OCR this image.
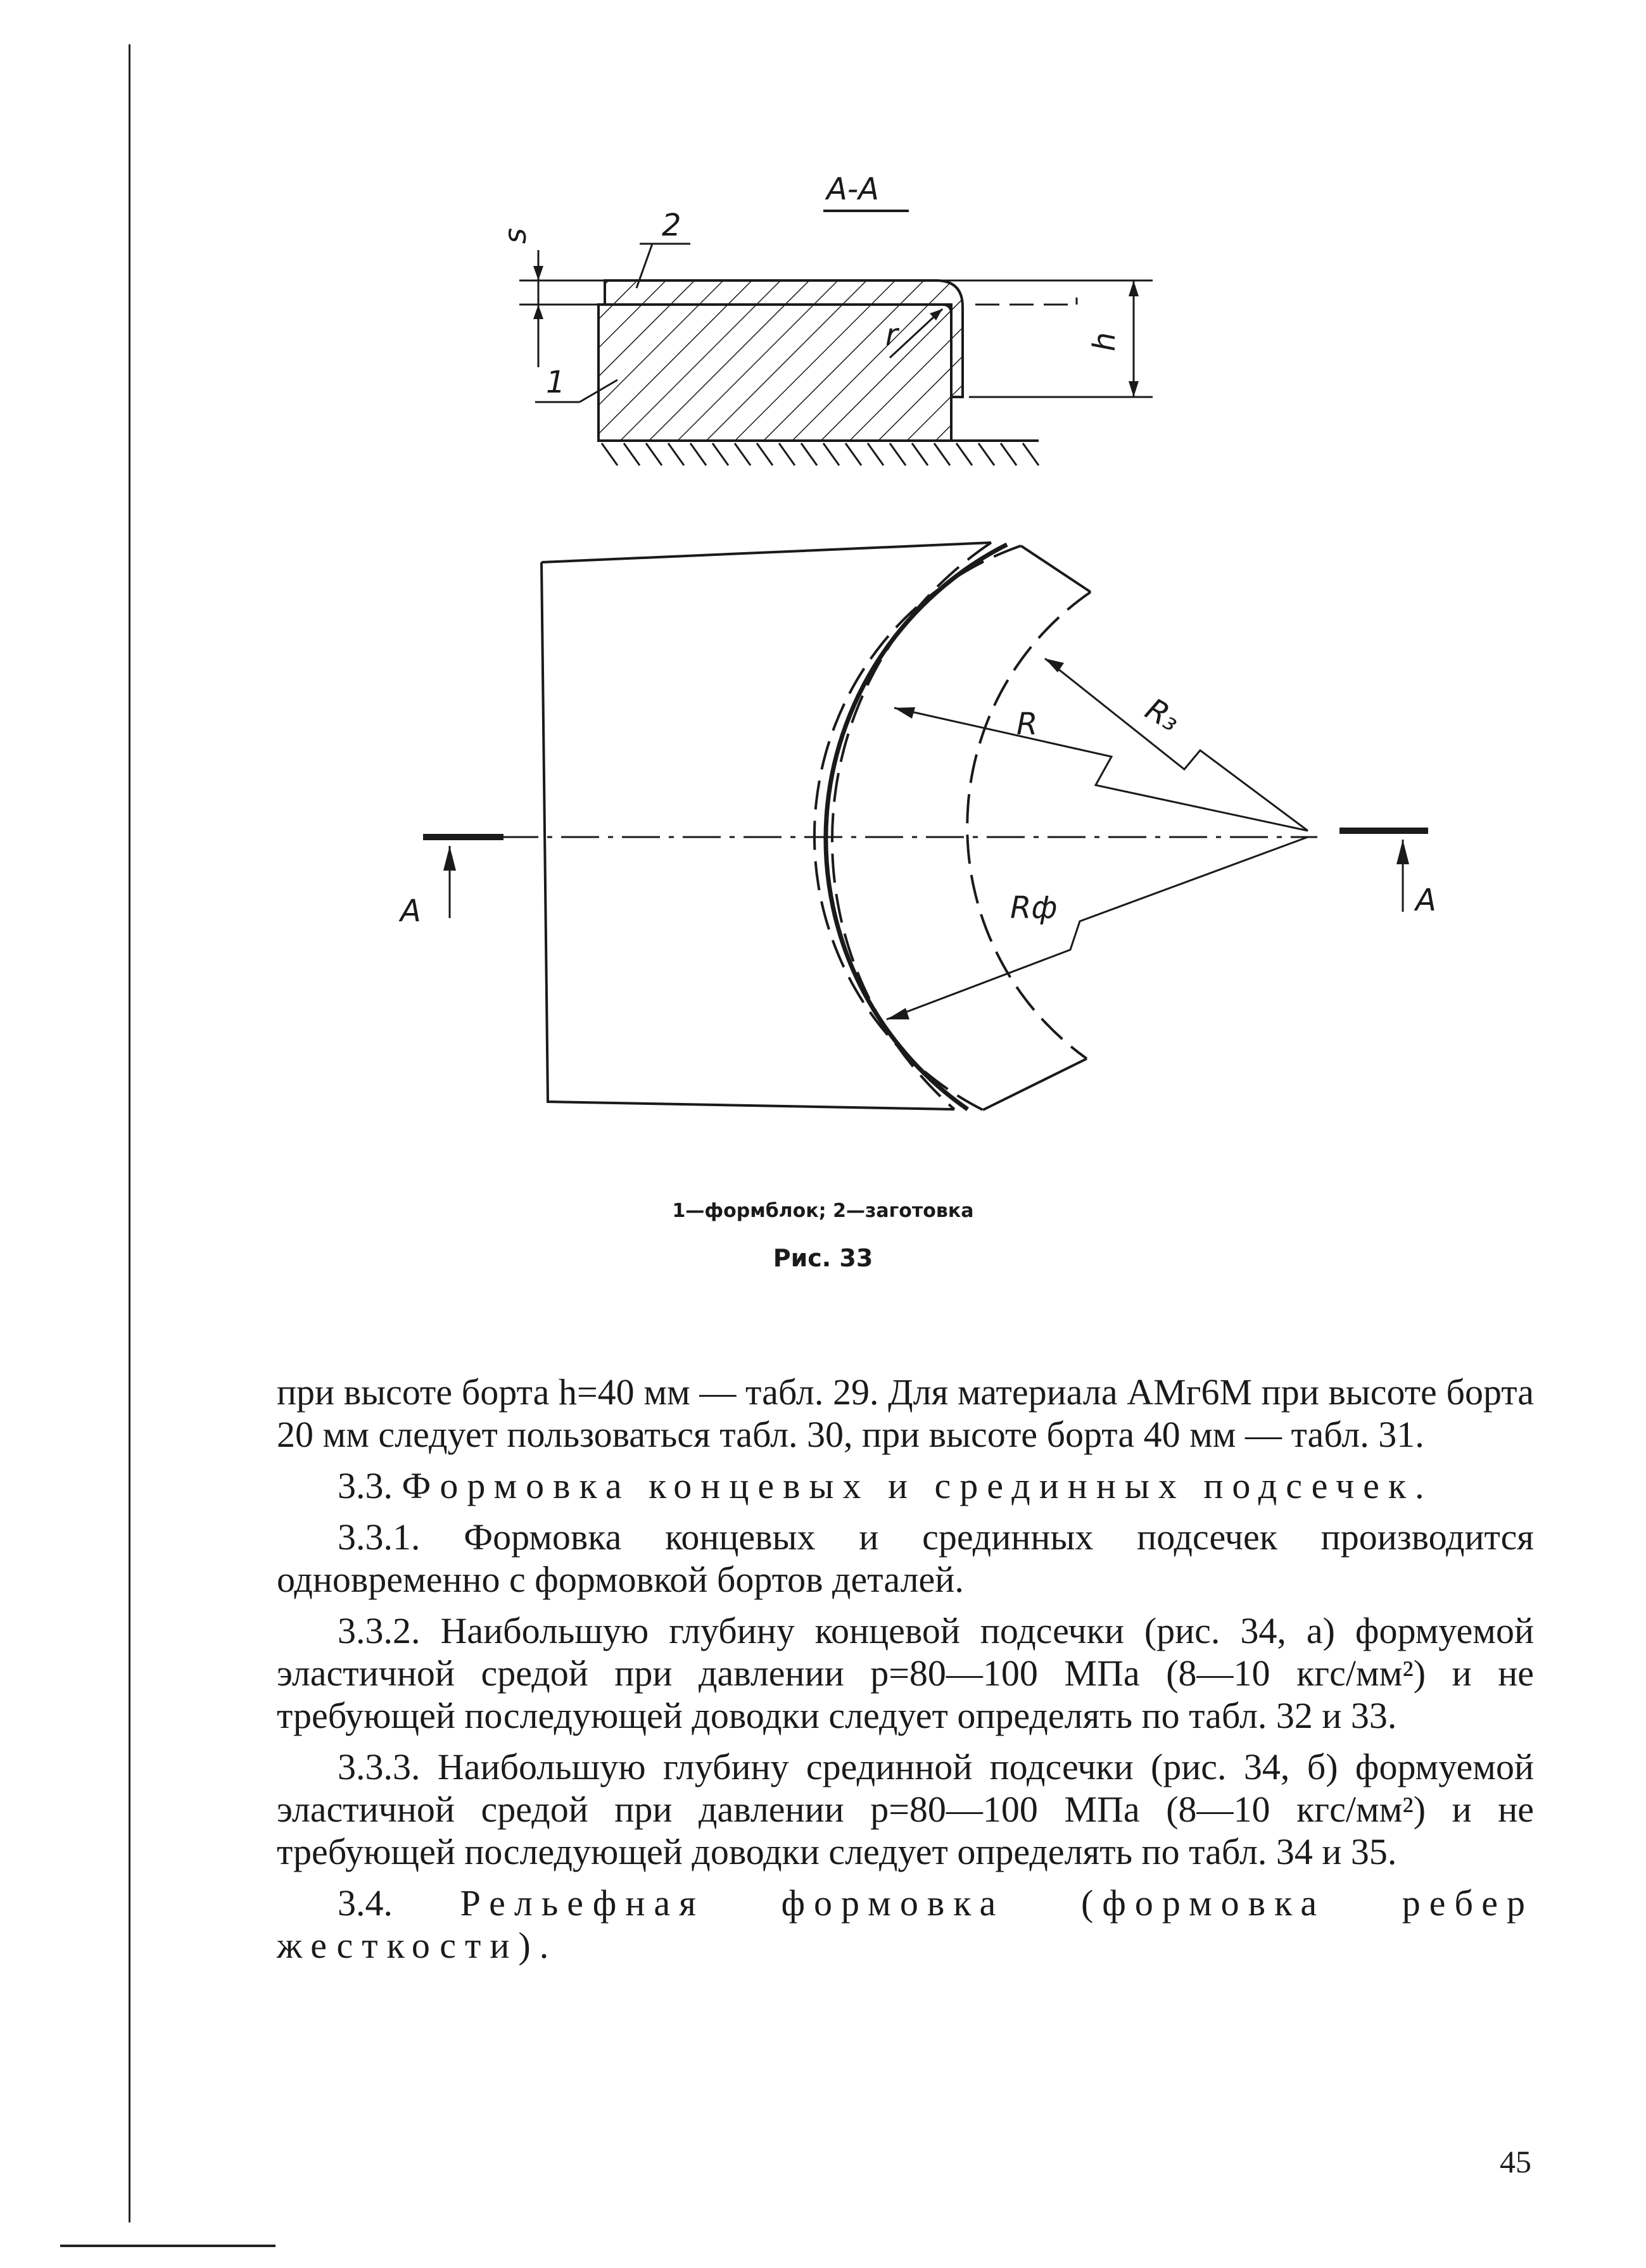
А-А
s	2
1
r	h
А	А
R	R₃
Rф
1—формблок; 2—заготовка
Рис. 33

при высоте борта h=40 мм — табл. 29. Для материала АМг6М при высоте борта 20 мм следует пользоваться табл. 30, при высоте борта 40 мм — табл. 31.

3.3. Формовка концевых и срединных подсечек.

3.3.1. Формовка концевых и срединных подсечек производится одновременно с формовкой бортов деталей.

3.3.2. Наибольшую глубину концевой подсечки (рис. 34, а) формуемой эластичной средой при давлении p=80—100 МПа (8—10 кгс/мм²) и не требующей последующей доводки следует определять по табл. 32 и 33.

3.3.3. Наибольшую глубину срединной подсечки (рис. 34, б) формуемой эластичной средой при давлении p=80—100 МПа (8—10 кгс/мм²) и не требующей последующей доводки следует определять по табл. 34 и 35.

3.4. Рельефная формовка (формовка ребер жесткости).

45
